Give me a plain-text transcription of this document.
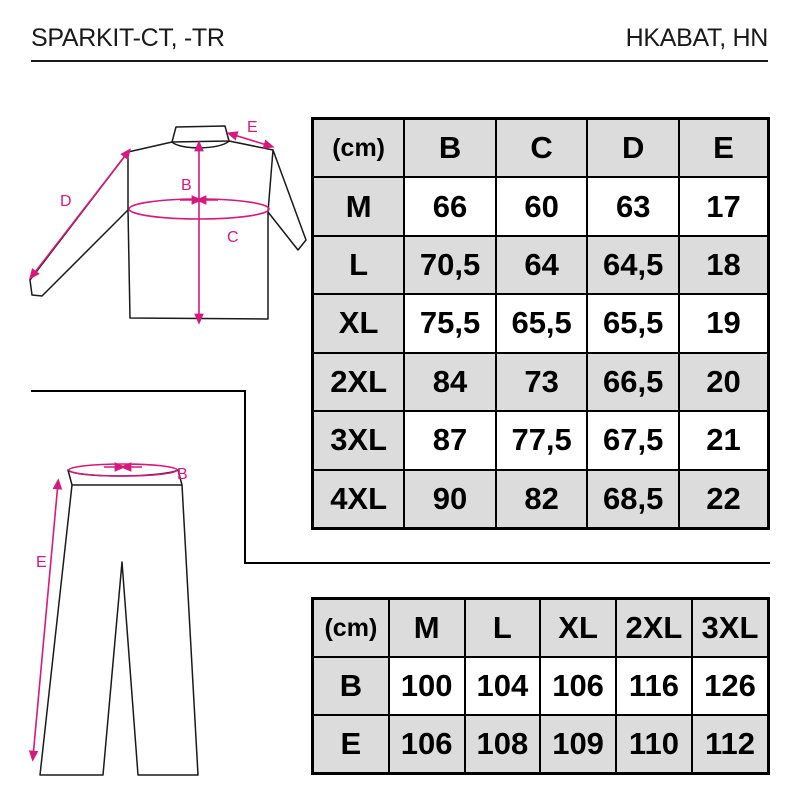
SPARKIT-CT, -TR	HKABAT, HN
D
E
B
C
B
E
(cm)	B	C	D	E
M	66	60	63	17
L	70,5	64	64,5	18
XL	75,5	65,5	65,5	19
2XL	84	73	66,5	20
3XL	87	77,5	67,5	21
4XL	90	82	68,5	22
(cm)	M	L	XL	2XL	3XL
B	100	104	106	116	126
E	106	108	109	110	112
